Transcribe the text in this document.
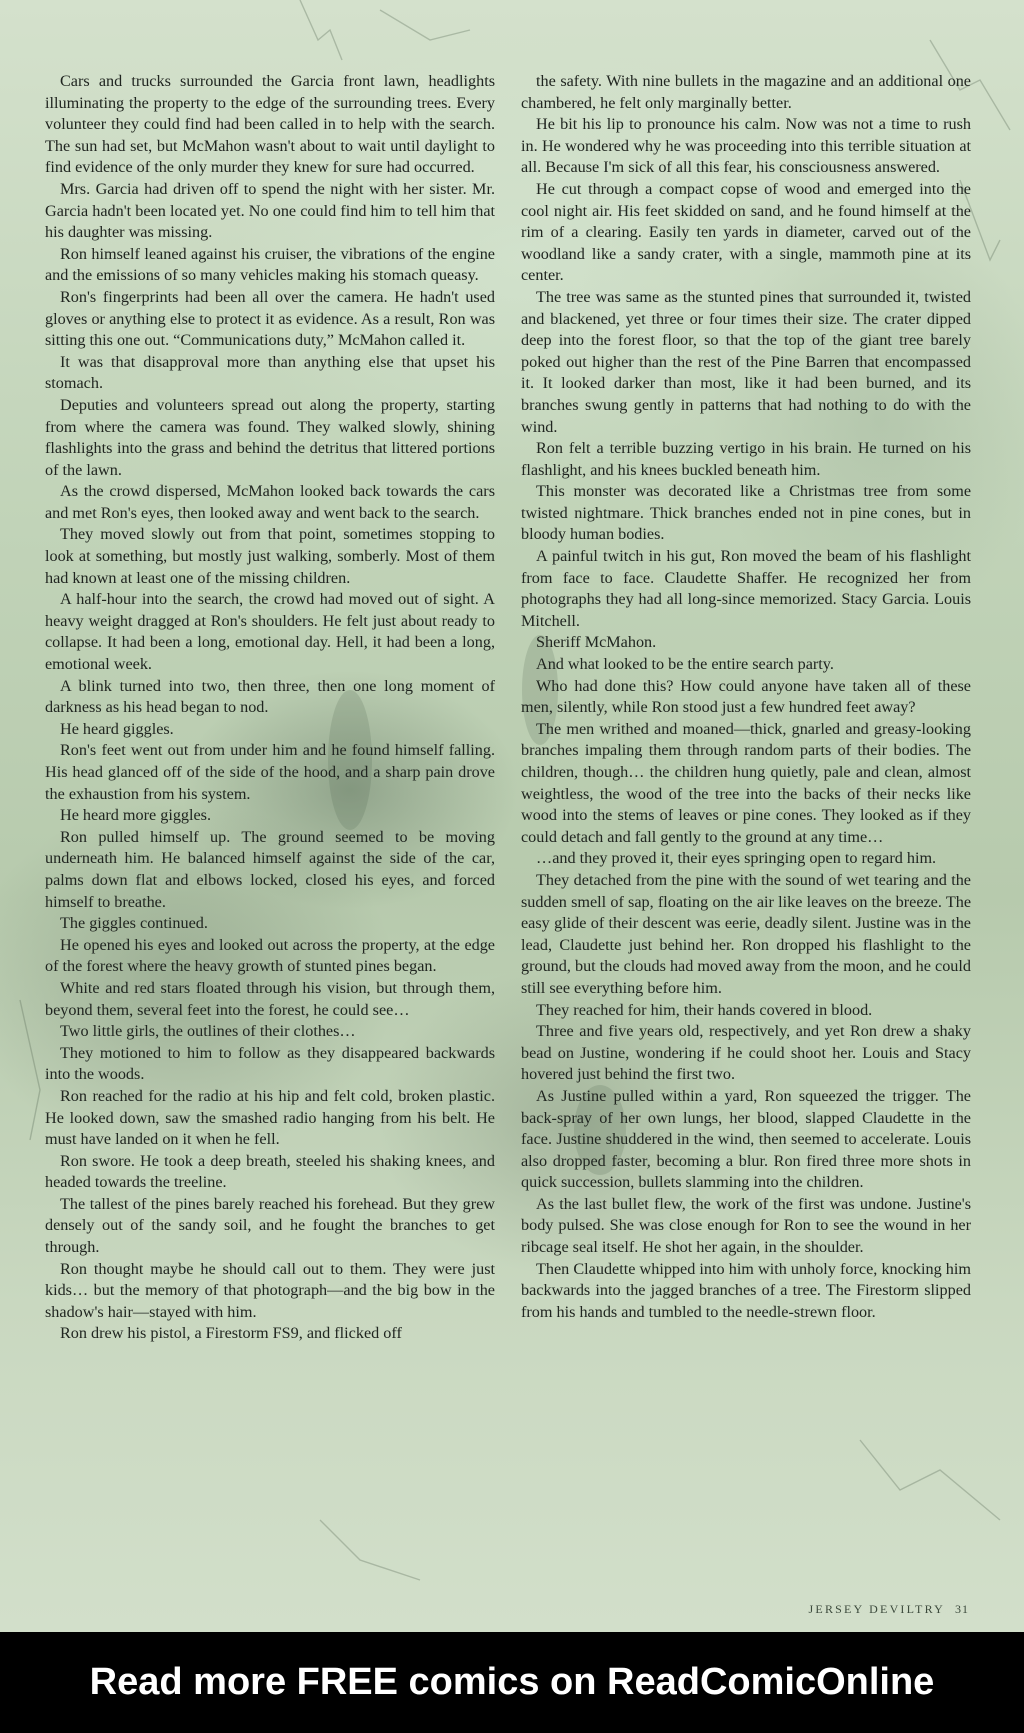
Cars and trucks surrounded the Garcia front lawn, headlights illuminating the property to the edge of the surrounding trees. Every volunteer they could find had been called in to help with the search. The sun had set, but McMahon wasn't about to wait until daylight to find evidence of the only murder they knew for sure had occurred.

Mrs. Garcia had driven off to spend the night with her sister. Mr. Garcia hadn't been located yet. No one could find him to tell him that his daughter was missing.

Ron himself leaned against his cruiser, the vibrations of the engine and the emissions of so many vehicles making his stomach queasy.

Ron's fingerprints had been all over the camera. He hadn't used gloves or anything else to protect it as evidence. As a result, Ron was sitting this one out. “Communications duty,” McMahon called it.

It was that disapproval more than anything else that upset his stomach.

Deputies and volunteers spread out along the property, starting from where the camera was found. They walked slowly, shining flashlights into the grass and behind the detritus that littered portions of the lawn.

As the crowd dispersed, McMahon looked back towards the cars and met Ron's eyes, then looked away and went back to the search.

They moved slowly out from that point, sometimes stopping to look at something, but mostly just walking, somberly. Most of them had known at least one of the missing children.

A half-hour into the search, the crowd had moved out of sight. A heavy weight dragged at Ron's shoulders. He felt just about ready to collapse. It had been a long, emotional day. Hell, it had been a long, emotional week.

A blink turned into two, then three, then one long moment of darkness as his head began to nod.

He heard giggles.

Ron's feet went out from under him and he found himself falling. His head glanced off of the side of the hood, and a sharp pain drove the exhaustion from his system.

He heard more giggles.

Ron pulled himself up. The ground seemed to be moving underneath him. He balanced himself against the side of the car, palms down flat and elbows locked, closed his eyes, and forced himself to breathe.

The giggles continued.

He opened his eyes and looked out across the property, at the edge of the forest where the heavy growth of stunted pines began.

White and red stars floated through his vision, but through them, beyond them, several feet into the forest, he could see…

Two little girls, the outlines of their clothes…

They motioned to him to follow as they disappeared backwards into the woods.

Ron reached for the radio at his hip and felt cold, broken plastic. He looked down, saw the smashed radio hanging from his belt. He must have landed on it when he fell.

Ron swore. He took a deep breath, steeled his shaking knees, and headed towards the treeline.

The tallest of the pines barely reached his forehead. But they grew densely out of the sandy soil, and he fought the branches to get through.

Ron thought maybe he should call out to them. They were just kids… but the memory of that photograph—and the big bow in the shadow's hair—stayed with him.

Ron drew his pistol, a Firestorm FS9, and flicked off

the safety. With nine bullets in the magazine and an additional one chambered, he felt only marginally better.

He bit his lip to pronounce his calm. Now was not a time to rush in. He wondered why he was proceeding into this terrible situation at all. Because I'm sick of all this fear, his consciousness answered.

He cut through a compact copse of wood and emerged into the cool night air. His feet skidded on sand, and he found himself at the rim of a clearing. Easily ten yards in diameter, carved out of the woodland like a sandy crater, with a single, mammoth pine at its center.

The tree was same as the stunted pines that surrounded it, twisted and blackened, yet three or four times their size. The crater dipped deep into the forest floor, so that the top of the giant tree barely poked out higher than the rest of the Pine Barren that encompassed it. It looked darker than most, like it had been burned, and its branches swung gently in patterns that had nothing to do with the wind.

Ron felt a terrible buzzing vertigo in his brain. He turned on his flashlight, and his knees buckled beneath him.

This monster was decorated like a Christmas tree from some twisted nightmare. Thick branches ended not in pine cones, but in bloody human bodies.

A painful twitch in his gut, Ron moved the beam of his flashlight from face to face. Claudette Shaffer. He recognized her from photographs they had all long-since memorized. Stacy Garcia. Louis Mitchell.

Sheriff McMahon.

And what looked to be the entire search party.

Who had done this? How could anyone have taken all of these men, silently, while Ron stood just a few hundred feet away?

The men writhed and moaned—thick, gnarled and greasy-looking branches impaling them through random parts of their bodies. The children, though… the children hung quietly, pale and clean, almost weightless, the wood of the tree into the backs of their necks like wood into the stems of leaves or pine cones. They looked as if they could detach and fall gently to the ground at any time…

…and they proved it, their eyes springing open to regard him.

They detached from the pine with the sound of wet tearing and the sudden smell of sap, floating on the air like leaves on the breeze. The easy glide of their descent was eerie, deadly silent. Justine was in the lead, Claudette just behind her. Ron dropped his flashlight to the ground, but the clouds had moved away from the moon, and he could still see everything before him.

They reached for him, their hands covered in blood.

Three and five years old, respectively, and yet Ron drew a shaky bead on Justine, wondering if he could shoot her. Louis and Stacy hovered just behind the first two.

As Justine pulled within a yard, Ron squeezed the trigger. The back-spray of her own lungs, her blood, slapped Claudette in the face. Justine shuddered in the wind, then seemed to accelerate. Louis also dropped faster, becoming a blur. Ron fired three more shots in quick succession, bullets slamming into the children.

As the last bullet flew, the work of the first was undone. Justine's body pulsed. She was close enough for Ron to see the wound in her ribcage seal itself. He shot her again, in the shoulder.

Then Claudette whipped into him with unholy force, knocking him backwards into the jagged branches of a tree. The Firestorm slipped from his hands and tumbled to the needle-strewn floor.

JERSEY DEVILTRY 31
Read more FREE comics on ReadComicOnline
